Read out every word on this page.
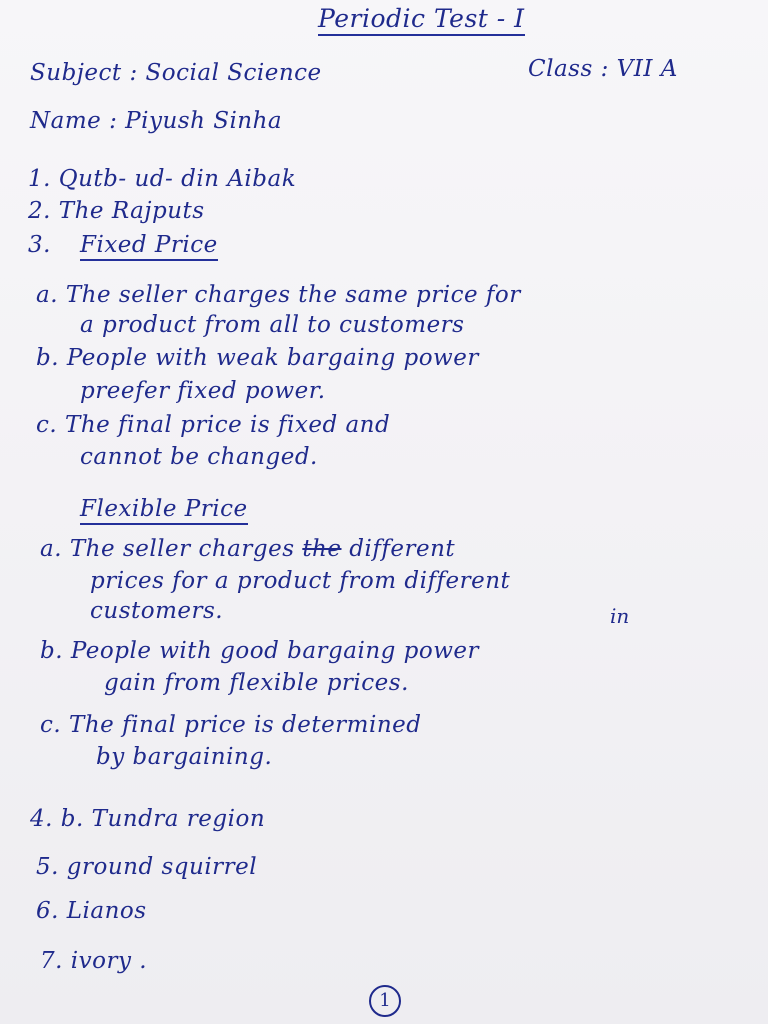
Periodic Test - I
Subject : Social Science	Class : VII A
Name : Piyush Sinha
1. Qutb- ud- din Aibak
2. The Rajputs
3. Fixed Price
a. The seller charges the same price for
a product from all to customers
b. People with weak bargaing power
preefer fixed power.
c. The final price is fixed and
cannot be changed.
Flexible Price
a. The seller charges the different
prices for a product from different
customers.	in
b. People with good bargaing power
gain from flexible prices.
c. The final price is determined
by bargaining.
4. b. Tundra region
5. ground squirrel
6. Lianos
7. ivory .
1
